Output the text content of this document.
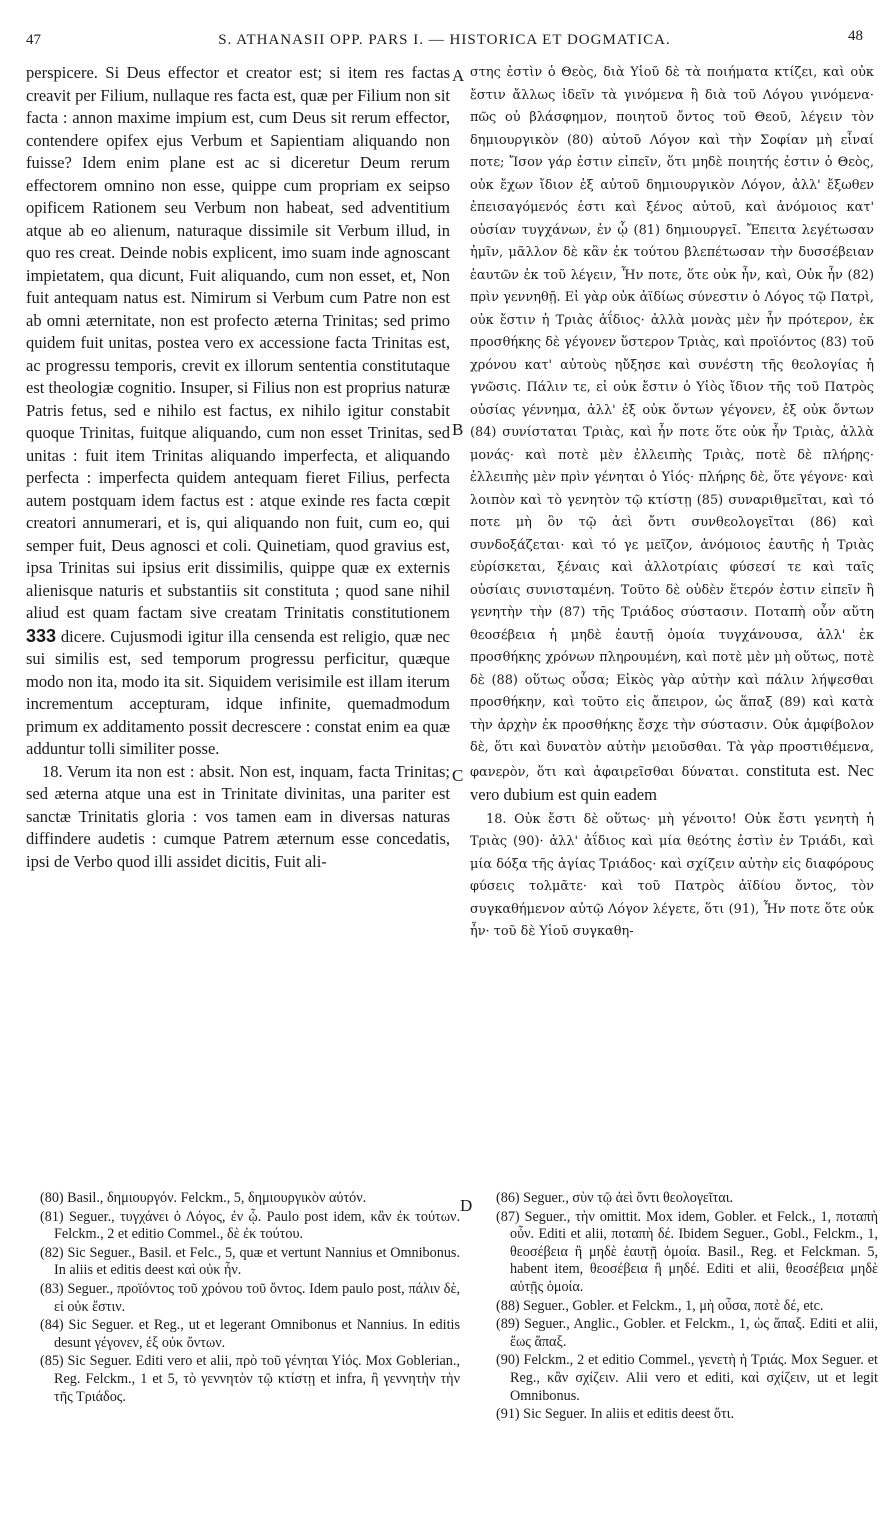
47	S. ATHANASII OPP. PARS I. — HISTORICA ET DOGMATICA.	48
A
B
C
D

perspicere. Si Deus effector et creator est; si item res factas creavit per Filium, nullaque res facta est, quæ per Filium non sit facta : annon maxime impium est, cum Deus sit rerum effector, contendere opifex ejus Verbum et Sapientiam aliquando non fuisse? Idem enim plane est ac si diceretur Deum rerum effectorem omnino non esse, quippe cum propriam ex seipso opificem Rationem seu Verbum non habeat, sed adventitium atque ab eo alienum, naturaque dissimile sit Verbum illud, in quo res creat. Deinde nobis explicent, imo suam inde agnoscant impietatem, qua dicunt, Fuit aliquando, cum non esset, et, Non fuit antequam natus est. Nimirum si Verbum cum Patre non est ab omni æternitate, non est profecto æterna Trinitas; sed primo quidem fuit unitas, postea vero ex accessione facta Trinitas est, ac progressu temporis, crevit ex illorum sententia constitutaque est theologiæ cognitio. Insuper, si Filius non est proprius naturæ Patris fetus, sed e nihilo est factus, ex nihilo igitur constabit quoque Trinitas, fuitque aliquando, cum non esset Trinitas, sed unitas : fuit item Trinitas aliquando imperfecta, et aliquando perfecta : imperfecta quidem antequam fieret Filius, perfecta autem postquam idem factus est : atque exinde res facta cœpit creatori annumerari, et is, qui aliquando non fuit, cum eo, qui semper fuit, Deus agnosci et coli. Quinetiam, quod gravius est, ipsa Trinitas sui ipsius erit dissimilis, quippe quæ ex externis alienisque naturis et substantiis sit constituta ; quod sane nihil aliud est quam factam sive creatam Trinitatis constitutionem 333 dicere. Cujusmodi igitur illa censenda est religio, quæ nec sui similis est, sed temporum progressu perficitur, quæque modo non ita, modo ita sit. Siquidem verisimile est illam iterum incrementum accepturam, idque infinite, quemadmodum primum ex additamento possit decrescere : constat enim ea quæ adduntur tolli similiter posse.

18. Verum ita non est : absit. Non est, inquam, facta Trinitas; sed æterna atque una est in Trinitate divinitas, una pariter est sanctæ Trinitatis gloria : vos tamen eam in diversas naturas diffindere audetis : cumque Patrem æternum esse concedatis, ipsi de Verbo quod illi assidet dicitis, Fuit ali-

στης ἐστὶν ὁ Θεὸς, διὰ Υἱοῦ δὲ τὰ ποιήματα κτίζει, καὶ οὐκ ἔστιν ἄλλως ἰδεῖν τὰ γινόμενα ἢ διὰ τοῦ Λόγου γινόμενα· πῶς οὐ βλάσφημον, ποιητοῦ ὄντος τοῦ Θεοῦ, λέγειν τὸν δημιουργικὸν (80) αὐτοῦ Λόγον καὶ τὴν Σοφίαν μὴ εἶναί ποτε; Ἴσον γάρ ἐστιν εἰπεῖν, ὅτι μηδὲ ποιητής ἐστιν ὁ Θεὸς, οὐκ ἔχων ἴδιον ἐξ αὐτοῦ δημιουργικὸν Λόγον, ἀλλ' ἔξωθεν ἐπεισαγόμενός ἐστι καὶ ξένος αὐτοῦ, καὶ ἀνόμοιος κατ' οὐσίαν τυγχάνων, ἐν ᾧ (81) δημιουργεῖ. Ἔπειτα λεγέτωσαν ἡμῖν, μᾶλλον δὲ κἂν ἐκ τούτου βλεπέτωσαν τὴν δυσσέβειαν ἑαυτῶν ἐκ τοῦ λέγειν, Ἦν ποτε, ὅτε οὐκ ἦν, καὶ, Οὐκ ἦν (82) πρὶν γεννηθῇ. Εἰ γὰρ οὐκ ἀϊδίως σύνεστιν ὁ Λόγος τῷ Πατρὶ, οὐκ ἔστιν ἡ Τριὰς ἀΐδιος· ἀλλὰ μονὰς μὲν ἦν πρότερον, ἐκ προσθήκης δὲ γέγονεν ὕστερον Τριὰς, καὶ προϊόντος (83) τοῦ χρόνου κατ' αὐτοὺς ηὔξησε καὶ συνέστη τῆς θεολογίας ἡ γνῶσις. Πάλιν τε, εἰ οὐκ ἔστιν ὁ Υἱὸς ἴδιον τῆς τοῦ Πατρὸς οὐσίας γέννημα, ἀλλ' ἐξ οὐκ ὄντων γέγονεν, ἐξ οὐκ ὄντων (84) συνίσταται Τριὰς, καὶ ἦν ποτε ὅτε οὐκ ἦν Τριὰς, ἀλλὰ μονάς· καὶ ποτὲ μὲν ἐλλειπὴς Τριὰς, ποτὲ δὲ πλήρης· ἐλλειπὴς μὲν πρὶν γένηται ὁ Υἱός· πλήρης δὲ, ὅτε γέγονε· καὶ λοιπὸν καὶ τὸ γενητὸν τῷ κτίστῃ (85) συναριθμεῖται, καὶ τό ποτε μὴ ὂν τῷ ἀεὶ ὄντι συνθεολογεῖται (86) καὶ συνδοξάζεται· καὶ τό γε μεῖζον, ἀνόμοιος ἑαυτῆς ἡ Τριὰς εὑρίσκεται, ξέναις καὶ ἀλλοτρίαις φύσεσί τε καὶ ταῖς οὐσίαις συνισταμένη. Τοῦτο δὲ οὐδὲν ἕτερόν ἐστιν εἰπεῖν ἢ γενητὴν τὴν (87) τῆς Τριάδος σύστασιν. Ποταπὴ οὖν αὕτη θεοσέβεια ἡ μηδὲ ἑαυτῇ ὁμοία τυγχάνουσα, ἀλλ' ἐκ προσθήκης χρόνων πληρουμένη, καὶ ποτὲ μὲν μὴ οὕτως, ποτὲ δὲ (88) οὕτως οὖσα; Εἰκὸς γὰρ αὐτὴν καὶ πάλιν λήψεσθαι προσθήκην, καὶ τοῦτο εἰς ἄπειρον, ὡς ἅπαξ (89) καὶ κατὰ τὴν ἀρχὴν ἐκ προσθήκης ἔσχε τὴν σύστασιν. Οὐκ ἀμφίβολον δὲ, ὅτι καὶ δυνατὸν αὐτὴν μειοῦσθαι. Τὰ γὰρ προστιθέμενα, φανερὸν, ὅτι καὶ ἀφαιρεῖσθαι δύναται. constituta est. Nec vero dubium est quin eadem

18. Οὐκ ἔστι δὲ οὕτως· μὴ γένοιτο! Οὐκ ἔστι γενητὴ ἡ Τριὰς (90)· ἀλλ' ἀΐδιος καὶ μία θεότης ἐστὶν ἐν Τριάδι, καὶ μία δόξα τῆς ἁγίας Τριάδος· καὶ σχίζειν αὐτὴν εἰς διαφόρους φύσεις τολμᾶτε· καὶ τοῦ Πατρὸς ἀϊδίου ὄντος, τὸν συγκαθήμενον αὐτῷ Λόγον λέγετε, ὅτι (91), Ἦν ποτε ὅτε οὐκ ἦν· τοῦ δὲ Υἱοῦ συγκαθη-

(80) Basil., δημιουργόν. Felckm., 5, δημιουργικὸν αὐτόν.

(81) Seguer., τυγχάνει ὁ Λόγος, ἐν ᾧ. Paulo post idem, κἂν ἐκ τούτων. Felckm., 2 et editio Commel., δὲ ἐκ τούτου.

(82) Sic Seguer., Basil. et Felc., 5, quæ et vertunt Nannius et Omnibonus. In aliis et editis deest καὶ οὐκ ἦν.

(83) Seguer., προϊόντος τοῦ χρόνου τοῦ ὄντος. Idem paulo post, πάλιν δὲ, εἰ οὐκ ἔστιν.

(84) Sic Seguer. et Reg., ut et legerant Omnibonus et Nannius. In editis desunt γέγονεν, ἐξ οὐκ ὄντων.

(85) Sic Seguer. Editi vero et alii, πρὸ τοῦ γένηται Υἱός. Mox Goblerian., Reg. Felckm., 1 et 5, τὸ γεννητὸν τῷ κτίστῃ et infra, ἢ γεννητὴν τὴν τῆς Τριάδος.

(86) Seguer., σὺν τῷ ἀεὶ ὄντι θεολογεῖται.

(87) Seguer., τὴν omittit. Mox idem, Gobler. et Felck., 1, ποταπὴ οὖν. Editi et alii, ποταπὴ δέ. Ibidem Seguer., Gobl., Felckm., 1, θεοσέβεια ἢ μηδὲ ἑαυτῇ ὁμοία. Basil., Reg. et Felckman. 5, habent item, θεοσέβεια ἢ μηδέ. Editi et alii, θεοσέβεια μηδὲ αὐτῇς ὁμοία.

(88) Seguer., Gobler. et Felckm., 1, μὴ οὖσα, ποτὲ δέ, etc.

(89) Seguer., Anglic., Gobler. et Felckm., 1, ὡς ἅπαξ. Editi et alii, ἕως ἅπαξ.

(90) Felckm., 2 et editio Commel., γενετὴ ἡ Τριάς. Mox Seguer. et Reg., κἂν σχίζειν. Alii vero et editi, καὶ σχίζειν, ut et legit Omnibonus.

(91) Sic Seguer. In aliis et editis deest ὅτι.
